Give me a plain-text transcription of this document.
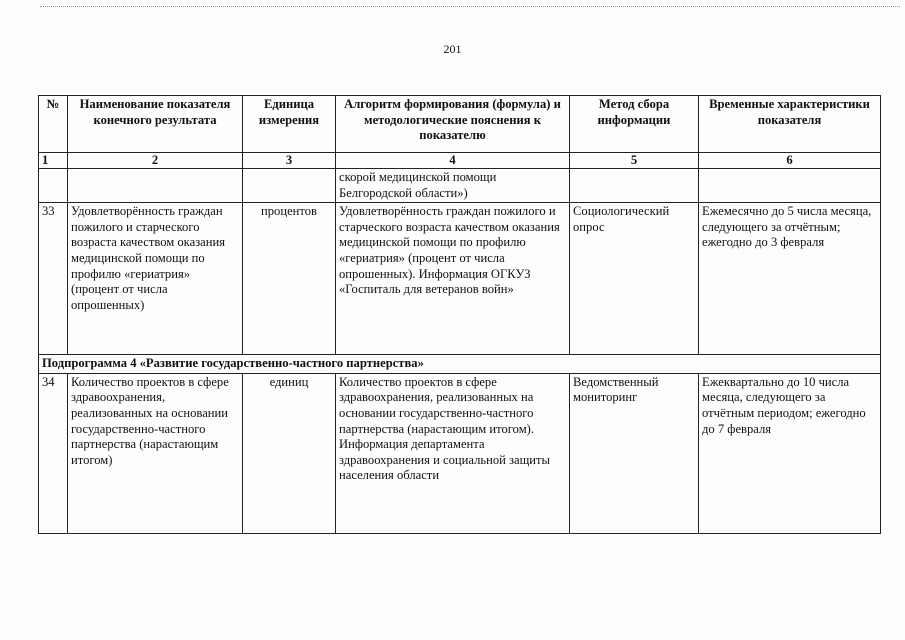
201
№	Наименование показателя конечного результата	Единица измерения	Алгоритм формирования (формула) и методологические пояснения к показателю	Метод сбора информации	Временные характеристики показателя
1	2	3	4	5	6
			скорой медицинской помощи Белгородской области»)		
33	Удовлетворённость граждан пожилого и старческого возраста качеством оказания медицинской помощи по профилю «гериатрия» (процент от числа опрошенных)	процентов	Удовлетворённость граждан пожилого и старческого возраста качеством оказания медицинской помощи по профилю «гериатрия» (процент от числа опрошенных). Информация ОГКУЗ «Госпиталь для ветеранов войн»	Социологический опрос	Ежемесячно до 5 числа месяца, следующего за отчётным; ежегодно до 3 февраля
Подпрограмма 4 «Развитие государственно-частного партнерства»					
34	Количество проектов в сфере здравоохранения, реализованных на основании государственно-частного партнерства (нарастающим итогом)	единиц	Количество проектов в сфере здравоохранения, реализованных на основании государственно-частного партнерства (нарастающим итогом). Информация департамента здравоохранения и социальной защиты населения области	Ведомственный мониторинг	Ежеквартально до 10 числа месяца, следующего за отчётным периодом; ежегодно до 7 февраля
